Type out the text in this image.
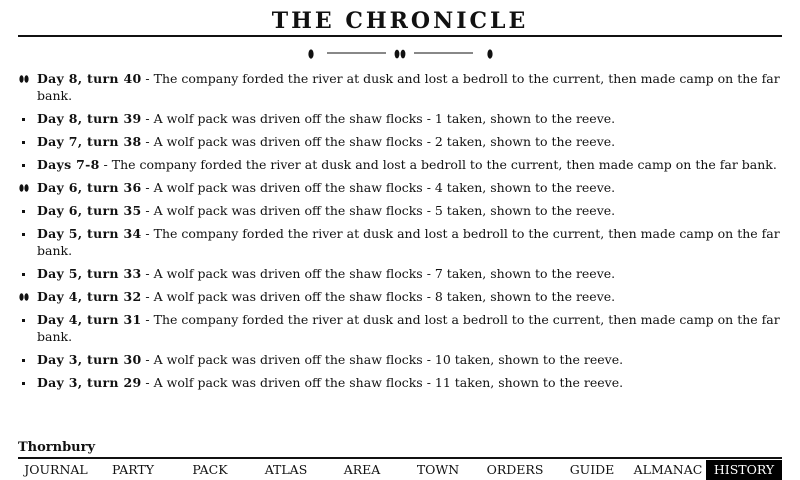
THE CHRONICLE
Day 8, turn 40 - The company forded the river at dusk and lost a bedroll to the current, then made camp on the far bank.
Day 8, turn 39 - A wolf pack was driven off the shaw flocks - 1 taken, shown to the reeve.
Day 7, turn 38 - A wolf pack was driven off the shaw flocks - 2 taken, shown to the reeve.
Days 7-8 - The company forded the river at dusk and lost a bedroll to the current, then made camp on the far bank.
Day 6, turn 36 - A wolf pack was driven off the shaw flocks - 4 taken, shown to the reeve.
Day 6, turn 35 - A wolf pack was driven off the shaw flocks - 5 taken, shown to the reeve.
Day 5, turn 34 - The company forded the river at dusk and lost a bedroll to the current, then made camp on the far bank.
Day 5, turn 33 - A wolf pack was driven off the shaw flocks - 7 taken, shown to the reeve.
Day 4, turn 32 - A wolf pack was driven off the shaw flocks - 8 taken, shown to the reeve.
Day 4, turn 31 - The company forded the river at dusk and lost a bedroll to the current, then made camp on the far bank.
Day 3, turn 30 - A wolf pack was driven off the shaw flocks - 10 taken, shown to the reeve.
Day 3, turn 29 - A wolf pack was driven off the shaw flocks - 11 taken, shown to the reeve.
Thornbury
JOURNAL	PARTY	PACK	ATLAS	AREA	TOWN	ORDERS	GUIDE	ALMANAC HISTORY
